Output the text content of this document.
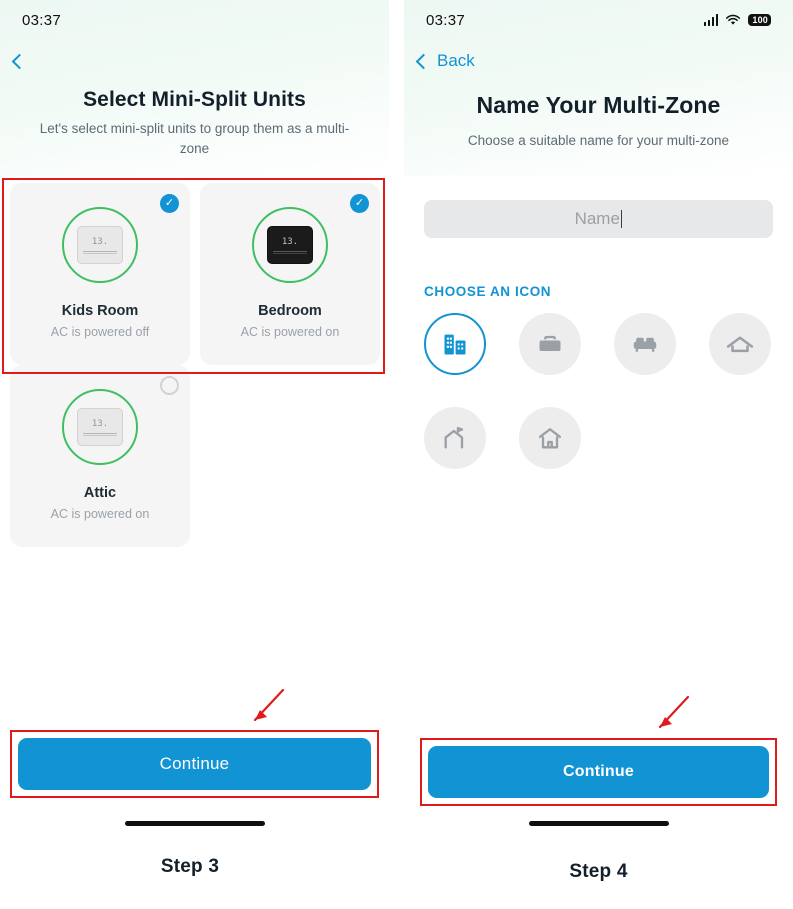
03:37
Select Mini-Split Units
Let's select mini-split units to group them as a multi-zone
✓
13.
Kids Room
AC is powered off
✓
13.
Bedroom
AC is powered on
13.
Attic
AC is powered on
Continue
03:37	100
Back
Name Your Multi-Zone
Choose a suitable name for your multi-zone
Name
CHOOSE AN ICON
Continue
Step 3	Step 4
